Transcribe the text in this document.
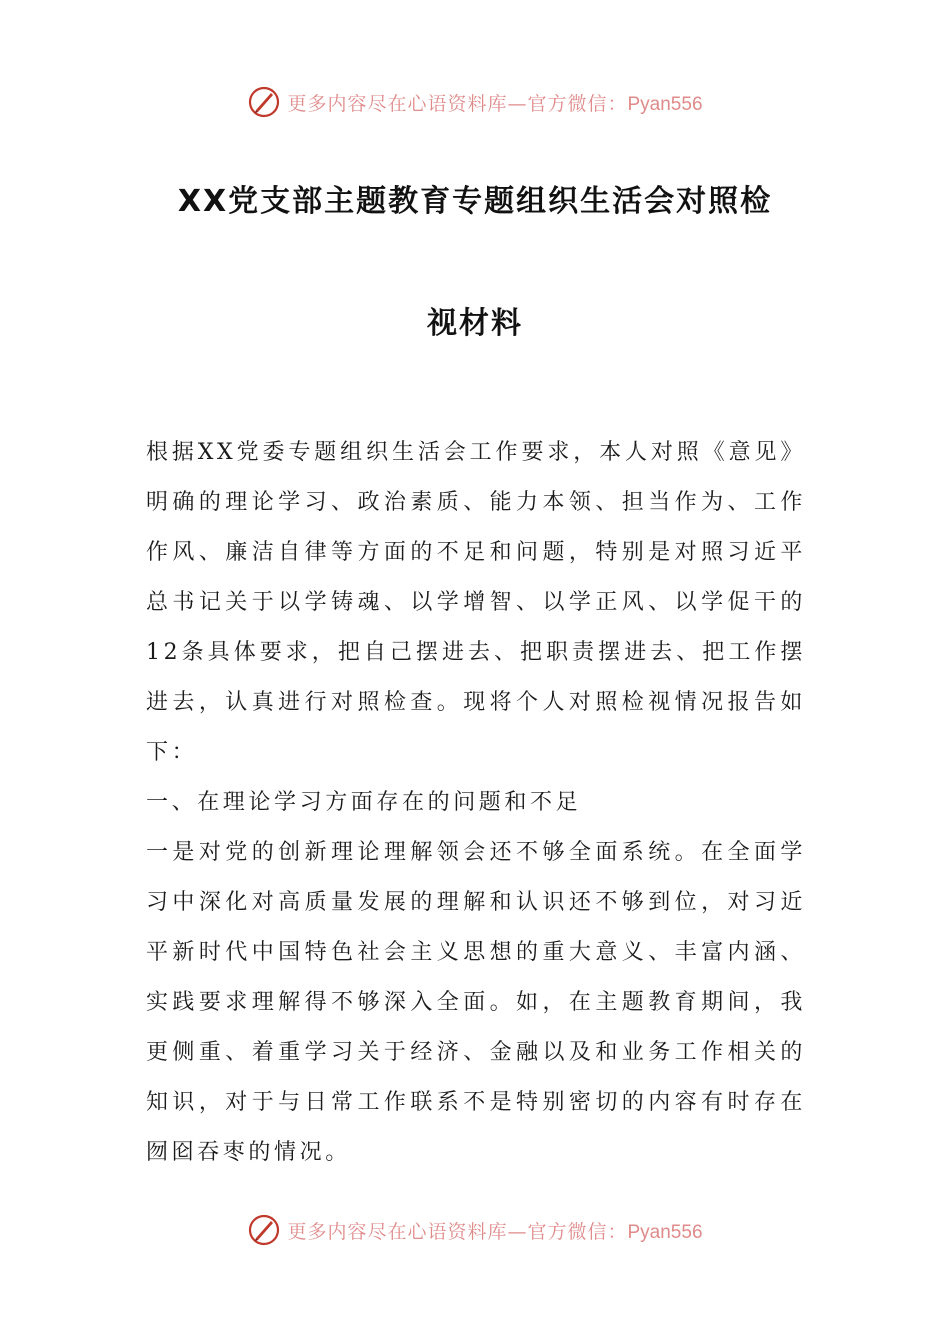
更多内容尽在心语资料库—官方微信：Pyan556
XX党支部主题教育专题组织生活会对照检
视材料

根据XX党委专题组织生活会工作要求，本人对照《意见》明确的理论学习、政治素质、能力本领、担当作为、工作作风、廉洁自律等方面的不足和问题，特别是对照习近平总书记关于以学铸魂、以学增智、以学正风、以学促干的12条具体要求，把自己摆进去、把职责摆进去、把工作摆进去，认真进行对照检查。现将个人对照检视情况报告如下：

一、在理论学习方面存在的问题和不足

一是对党的创新理论理解领会还不够全面系统。在全面学习中深化对高质量发展的理解和认识还不够到位，对习近平新时代中国特色社会主义思想的重大意义、丰富内涵、实践要求理解得不够深入全面。如，在主题教育期间，我更侧重、着重学习关于经济、金融以及和业务工作相关的知识，对于与日常工作联系不是特别密切的内容有时存在囫囵吞枣的情况。

更多内容尽在心语资料库—官方微信：Pyan556
